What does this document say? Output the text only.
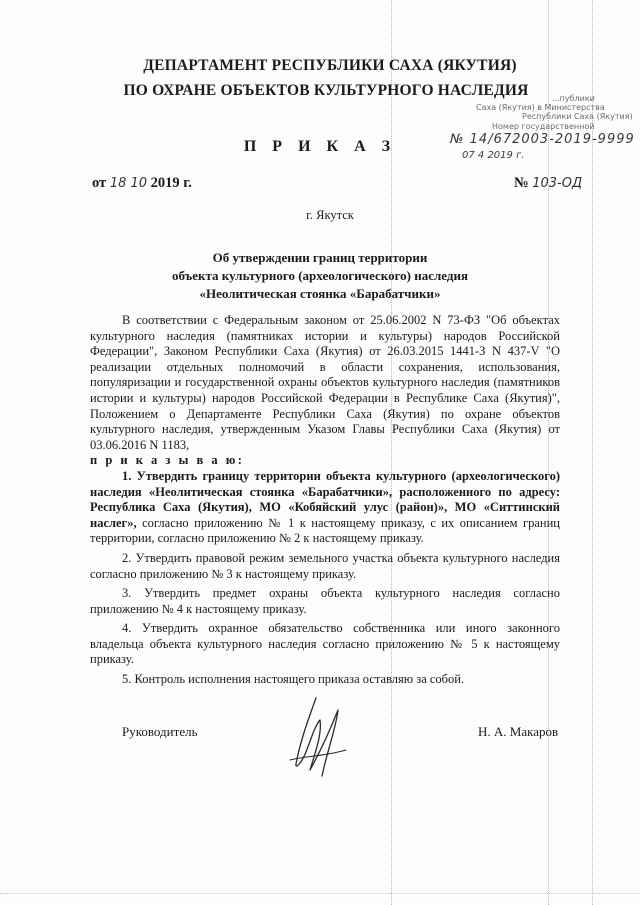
ДЕПАРТАМЕНТ РЕСПУБЛИКИ САХА (ЯКУТИЯ)
ПО ОХРАНЕ ОБЪЕКТОВ КУЛЬТУРНОГО НАСЛЕДИЯ	...публики
Саха (Якутия) в Министерства
Республики Саха (Якутия)
Номер государственной
№ 14/672003-2019-9999
07 4 2019 г.
П Р И К А З
от 18 10 2019 г.	№ 103-ОД
г. Якутск
Об утверждении границ территории
объекта культурного (археологического) наследия
«Неолитическая стоянка «Барабатчики»

В соответствии с Федеральным законом от 25.06.2002 N 73-ФЗ "Об объектах культурного наследия (памятниках истории и культуры) народов Российской Федерации", Законом Республики Саха (Якутия) от 26.03.2015 1441-З N 437-V "О реализации отдельных полномочий в области сохранения, использования, популяризации и государственной охраны объектов культурного наследия (памятников истории и культуры) народов Российской Федерации в Республике Саха (Якутия)", Положением о Департаменте Республики Саха (Якутия) по охране объектов культурного наследия, утвержденным Указом Главы Республики Саха (Якутия) от 03.06.2016 N 1183,

п р и к а з ы в а ю:

1. Утвердить границу территории объекта культурного (археологического) наследия «Неолитическая стоянка «Барабатчики», расположенного по адресу: Республика Саха (Якутия), МО «Кобяйский улус (район)», МО «Ситтинский наслег», согласно приложению № 1 к настоящему приказу, с их описанием границ территории, согласно приложению № 2 к настоящему приказу.

2. Утвердить правовой режим земельного участка объекта культурного наследия согласно приложению № 3 к настоящему приказу.

3. Утвердить предмет охраны объекта культурного наследия согласно приложению № 4 к настоящему приказу.

4. Утвердить охранное обязательство собственника или иного законного владельца объекта культурного наследия согласно приложению № 5 к настоящему приказу.

5. Контроль исполнения настоящего приказа оставляю за собой.

Руководитель	Н. А. Макаров
